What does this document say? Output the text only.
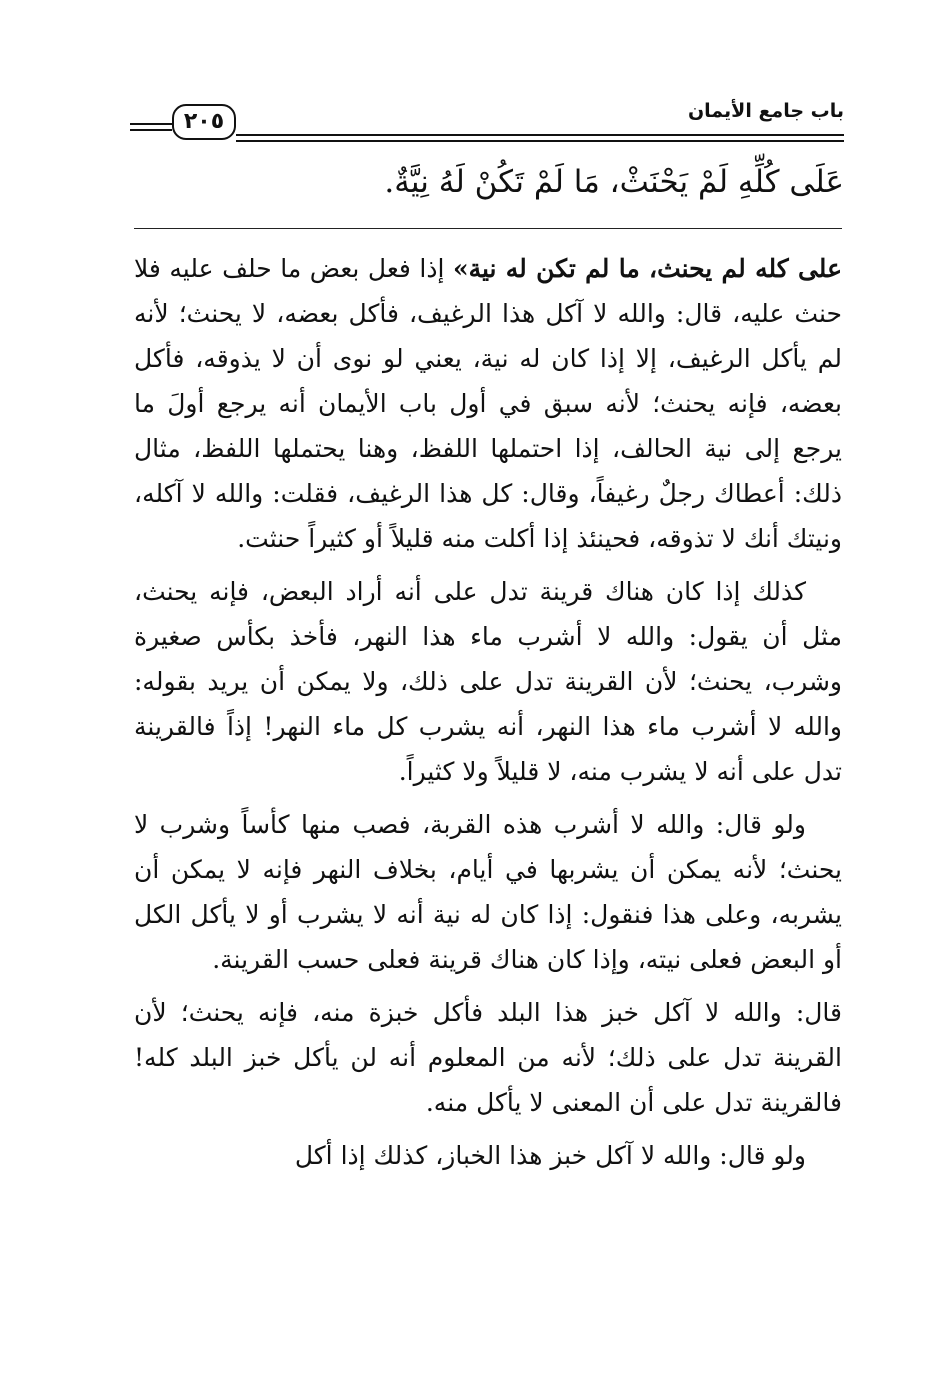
٢٠٥	باب جامع الأيمان
عَلَى كُلِّهِ لَمْ يَحْنَثْ، مَا لَمْ تَكُنْ لَهُ نِيَّةٌ.

على كله لم يحنث، ما لم تكن له نية» إذا فعل بعض ما حلف عليه فلا حنث عليه، قال: والله لا آكل هذا الرغيف، فأكل بعضه، لا يحنث؛ لأنه لم يأكل الرغيف، إلا إذا كان له نية، يعني لو نوى أن لا يذوقه، فأكل بعضه، فإنه يحنث؛ لأنه سبق في أول باب الأيمان أنه يرجع أولَ ما يرجع إلى نية الحالف، إذا احتملها اللفظ، وهنا يحتملها اللفظ، مثال ذلك: أعطاك رجلٌ رغيفاً، وقال: كل هذا الرغيف، فقلت: والله لا آكله، ونيتك أنك لا تذوقه، فحينئذ إذا أكلت منه قليلاً أو كثيراً حنثت.

كذلك إذا كان هناك قرينة تدل على أنه أراد البعض، فإنه يحنث، مثل أن يقول: والله لا أشرب ماء هذا النهر، فأخذ بكأس صغيرة وشرب، يحنث؛ لأن القرينة تدل على ذلك، ولا يمكن أن يريد بقوله: والله لا أشرب ماء هذا النهر، أنه يشرب كل ماء النهر! إذاً فالقرينة تدل على أنه لا يشرب منه، لا قليلاً ولا كثيراً.

ولو قال: والله لا أشرب هذه القربة، فصب منها كأساً وشرب لا يحنث؛ لأنه يمكن أن يشربها في أيام، بخلاف النهر فإنه لا يمكن أن يشربه، وعلى هذا فنقول: إذا كان له نية أنه لا يشرب أو لا يأكل الكل أو البعض فعلى نيته، وإذا كان هناك قرينة فعلى حسب القرينة.

قال: والله لا آكل خبز هذا البلد فأكل خبزة منه، فإنه يحنث؛ لأن القرينة تدل على ذلك؛ لأنه من المعلوم أنه لن يأكل خبز البلد كله! فالقرينة تدل على أن المعنى لا يأكل منه.

ولو قال: والله لا آكل خبز هذا الخباز، كذلك إذا أكل
